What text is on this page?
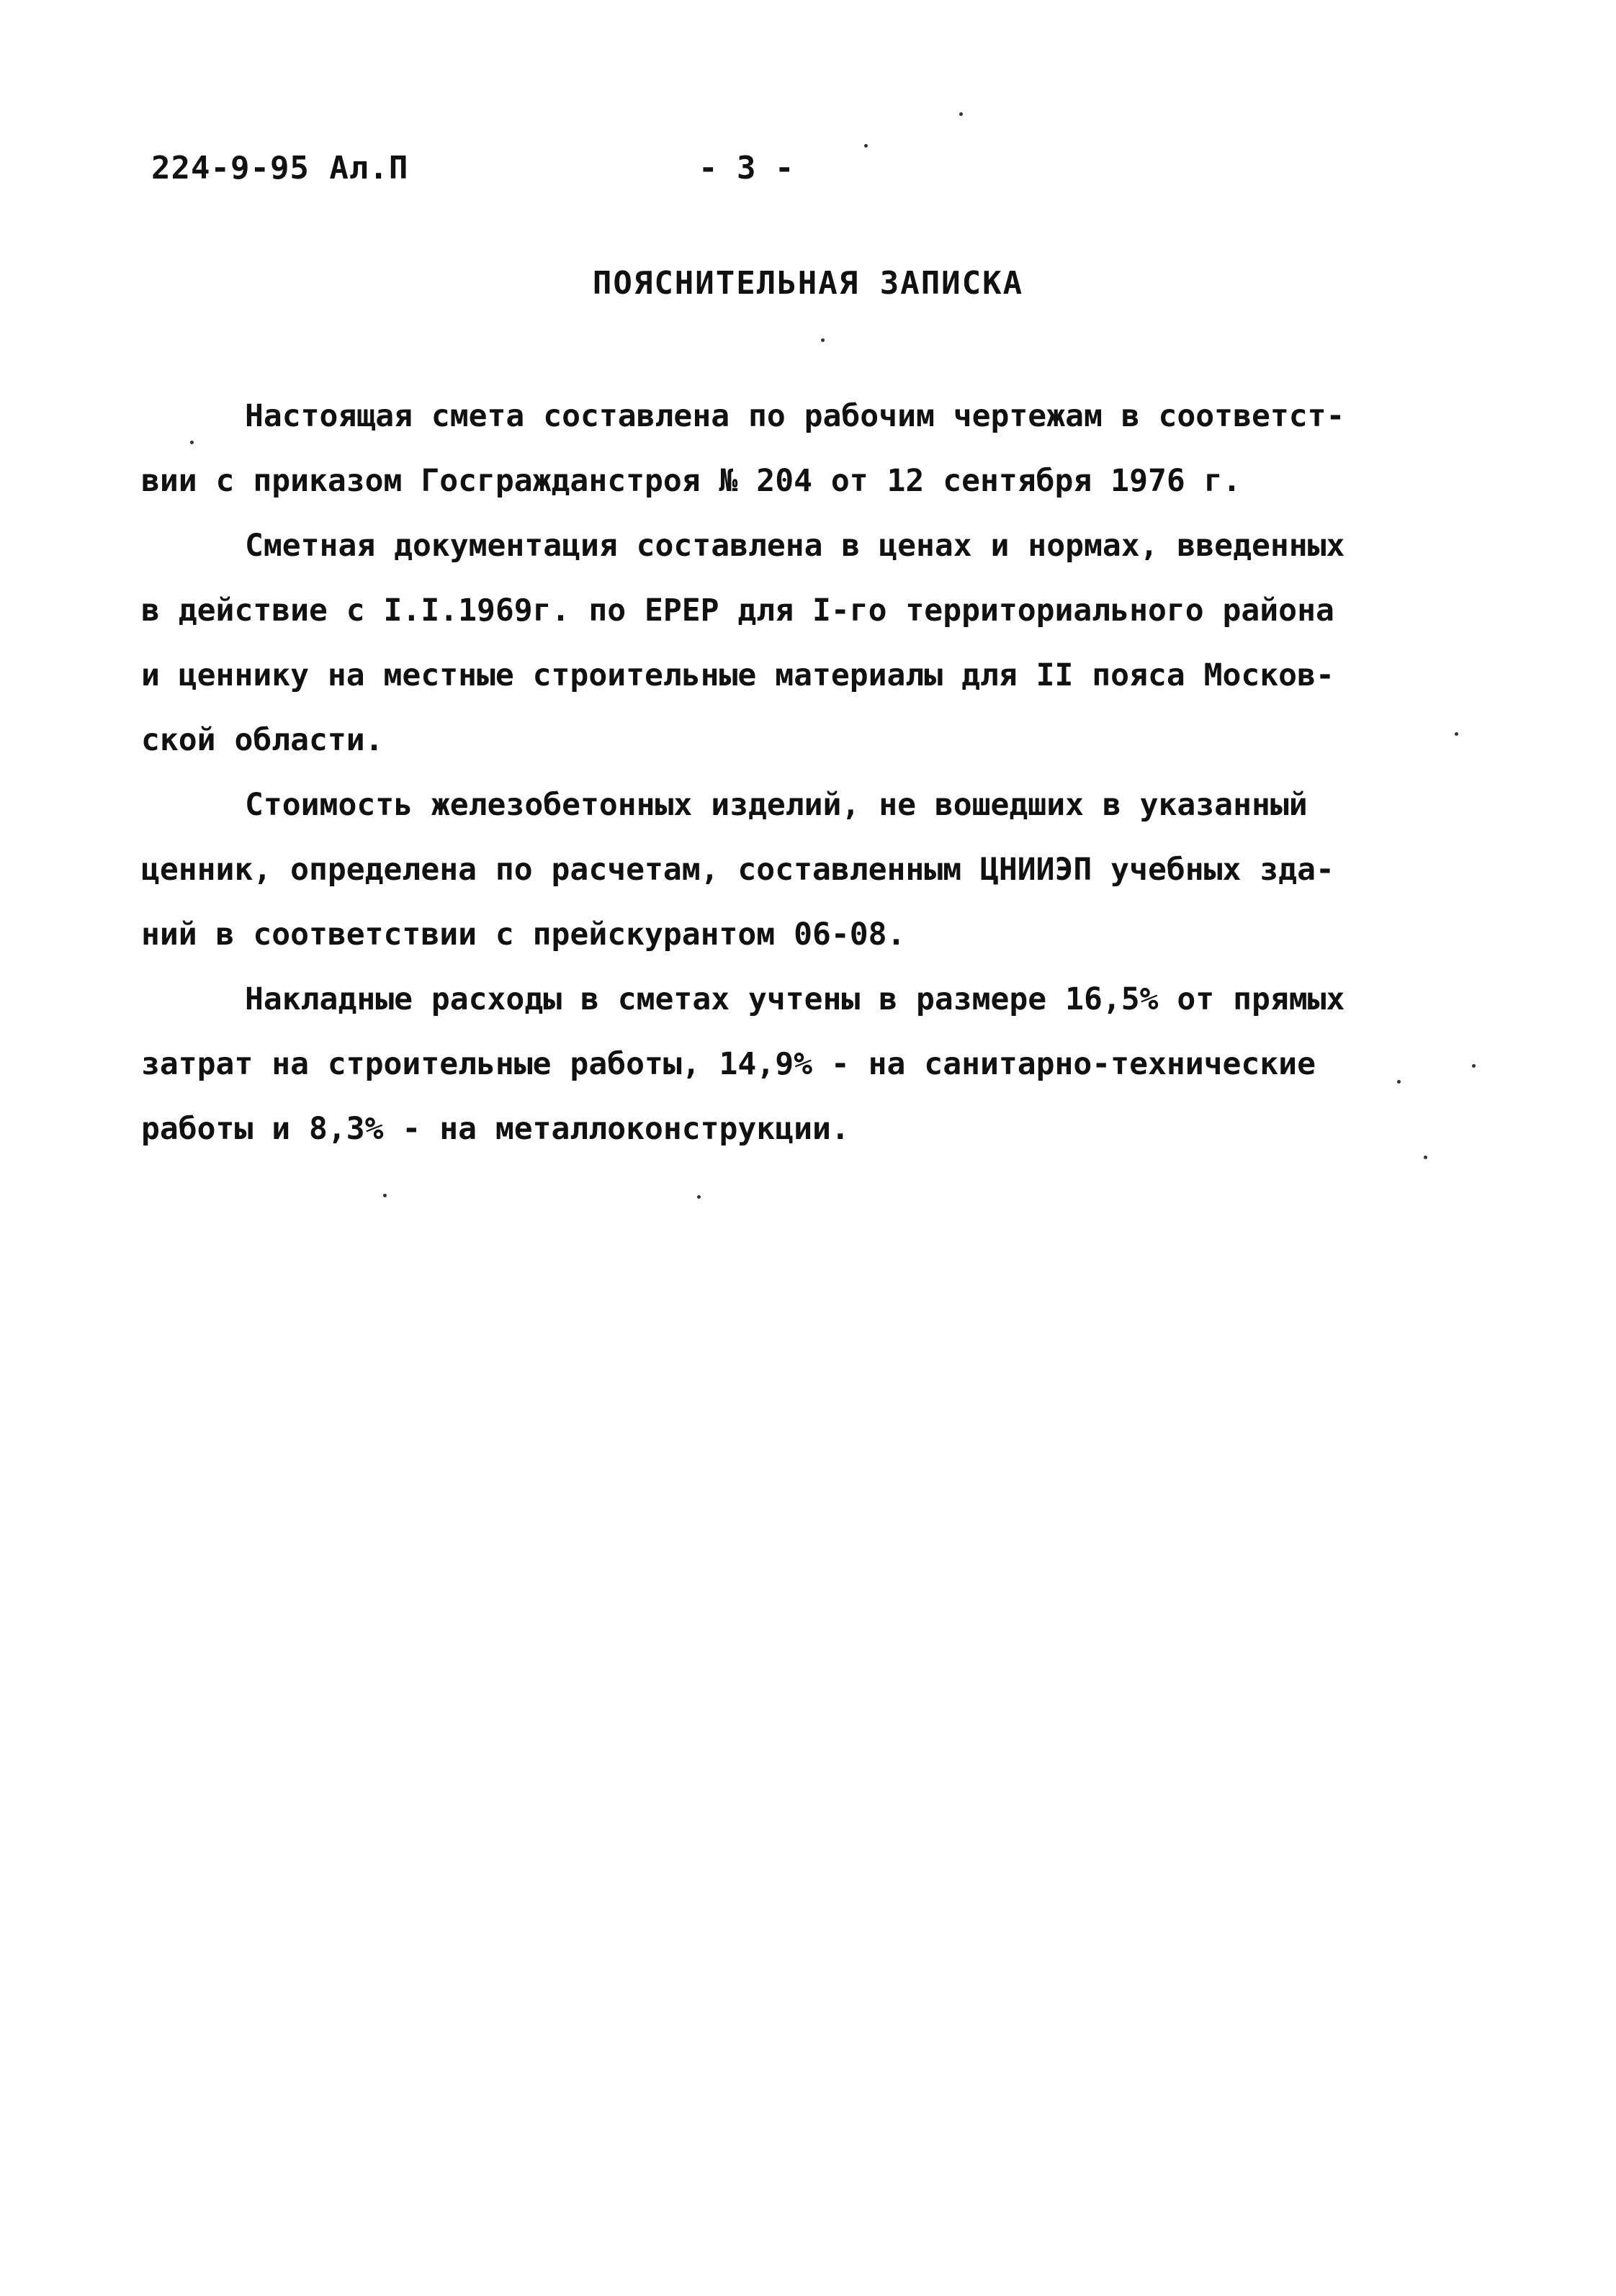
224-9-95 Ал.П	- 3 -
ПОЯСНИТЕЛЬНАЯ ЗАПИСКА
Настоящая смета составлена по рабочим чертежам в соответст-
вии с приказом Госгражданстроя № 204 от 12 сентября 1976 г.
Сметная документация составлена в ценах и нормах, введенных
в действие с I.I.1969г. по ЕРЕР для I-го территориального района
и ценнику на местные строительные материалы для II пояса Москов-
ской области.
Стоимость железобетонных изделий, не вошедших в указанный
ценник, определена по расчетам, составленным ЦНИИЭП учебных зда-
ний в соответствии с прейскурантом 06-08.
Накладные расходы в сметах учтены в размере 16,5% от прямых
затрат на строительные работы, 14,9% - на санитарно-технические
работы и 8,3% - на металлоконструкции.
